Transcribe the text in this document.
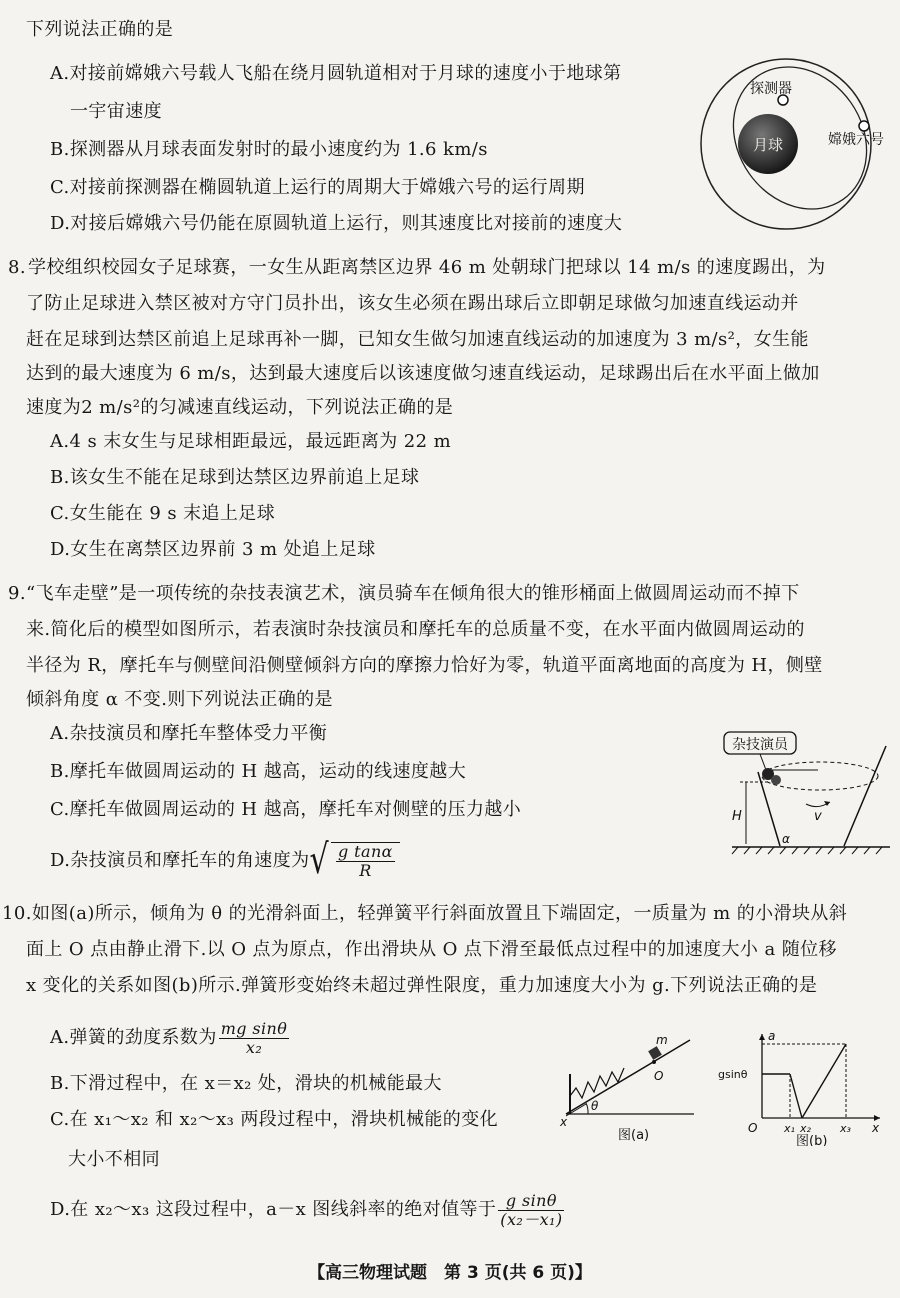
下列说法正确的是
A.对接前嫦娥六号载人飞船在绕月圆轨道相对于月球的速度小于地球第
一宇宙速度
B.探测器从月球表面发射时的最小速度约为 1.6 km/s
C.对接前探测器在椭圆轨道上运行的周期大于嫦娥六号的运行周期
D.对接后嫦娥六号仍能在原圆轨道上运行，则其速度比对接前的速度大
月球
探测器
嫦娥六号
8. 学校组织校园女子足球赛，一女生从距离禁区边界 46 m 处朝球门把球以 14 m/s 的速度踢出，为
了防止足球进入禁区被对方守门员扑出，该女生必须在踢出球后立即朝足球做匀加速直线运动并
赶在足球到达禁区前追上足球再补一脚，已知女生做匀加速直线运动的加速度为 3 m/s²，女生能
达到的最大速度为 6 m/s，达到最大速度后以该速度做匀速直线运动，足球踢出后在水平面上做加
速度为2 m/s²的匀减速直线运动，下列说法正确的是
A.4 s 末女生与足球相距最远，最远距离为 22 m
B.该女生不能在足球到达禁区边界前追上足球
C.女生能在 9 s 末追上足球
D.女生在离禁区边界前 3 m 处追上足球
9. “飞车走壁”是一项传统的杂技表演艺术，演员骑车在倾角很大的锥形桶面上做圆周运动而不掉下
来.简化后的模型如图所示，若表演时杂技演员和摩托车的总质量不变，在水平面内做圆周运动的
半径为 R，摩托车与侧壁间沿侧壁倾斜方向的摩擦力恰好为零，轨道平面离地面的高度为 H，侧壁
倾斜角度 α 不变.则下列说法正确的是
A.杂技演员和摩托车整体受力平衡
B.摩托车做圆周运动的 H 越高，运动的线速度越大
C.摩托车做圆周运动的 H 越高，摩托车对侧壁的压力越小
D.杂技演员和摩托车的角速度为√ $\frac{\text{g tanα}}{R}$
杂技演员
v
H
α
10. 如图(a)所示，倾角为 θ 的光滑斜面上，轻弹簧平行斜面放置且下端固定，一质量为 m 的小滑块从斜
面上 O 点由静止滑下.以 O 点为原点，作出滑块从 O 点下滑至最低点过程中的加速度大小 a 随位移
x 变化的关系如图(b)所示.弹簧形变始终未超过弹性限度，重力加速度大小为 g.下列说法正确的是
A.弹簧的劲度系数为 $\frac{\text{mg sinθ}}{\text{x₂}}$
B.下滑过程中，在 x＝x₂ 处，滑块的机械能最大
C.在 x₁～x₂ 和 x₂～x₃ 两段过程中，滑块机械能的变化
大小不相同
D.在 x₂～x₃ 这段过程中，a－x 图线斜率的绝对值等于 $\frac{\text{g sinθ}}{\text{(x₂－x₁)}}$
m
O
θ
x
图(a)
a
gsinθ
O x₁ x₂	x₃ x
图(b)
【高三物理试题　第 3 页(共 6 页)】
